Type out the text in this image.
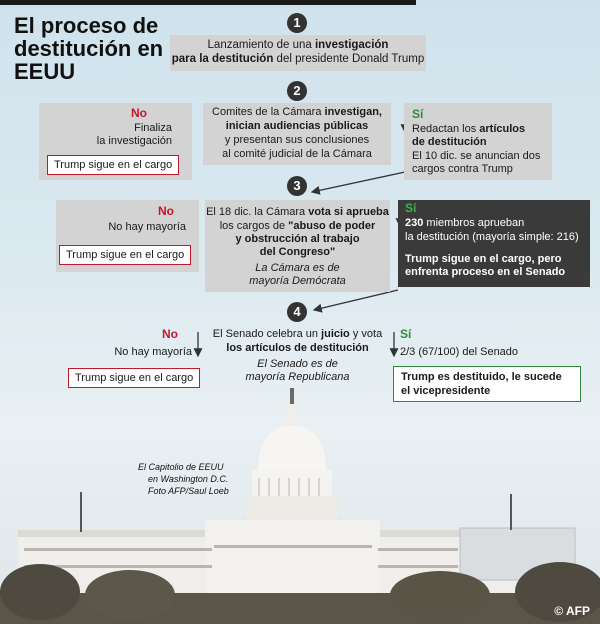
El proceso de destitución en EEUU
1
2
3
4
Lanzamiento de una investigación
para la destitución del presidente Donald Trump
No
Finaliza
la investigación
Trump sigue en el cargo
Comites de la Cámara investigan,
inician audiencias públicas
y presentan sus conclusiones
al comité judicial de la Cámara
Sí
Redactan los artículos
de destitución
El 10 dic. se anuncian dos
cargos contra Trump
No
No hay mayoría
Trump sigue en el cargo
El 18 dic. la Cámara vota si aprueba
los cargos de "abuso de poder
y obstrucción al trabajo
del Congreso"
La Cámara es de
mayoría Demócrata
Sí
230 miembros aprueban
la destitución (mayoría simple: 216)
Trump sigue en el cargo, pero
enfrenta proceso en el Senado
No
No hay mayoría
Trump sigue en el cargo
El Senado celebra un juicio y vota
los artículos de destitución
El Senado es de
mayoría Republicana
Sí
2/3 (67/100) del Senado
Trump es destituido, le sucede
el vicepresidente
El Capitolio de EEUU
en Washington D.C.
Foto AFP/Saul Loeb
© AFP
